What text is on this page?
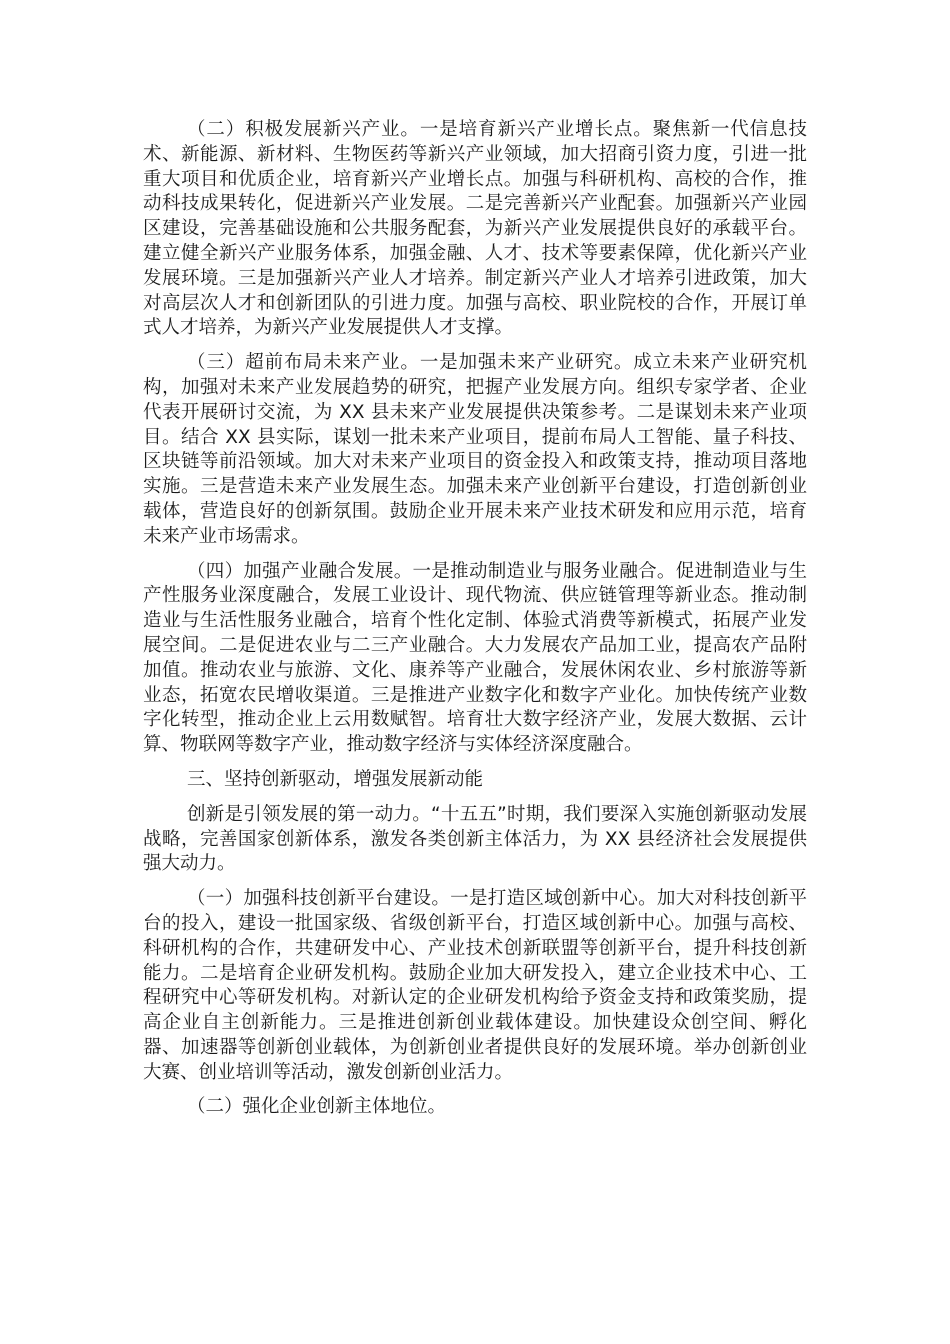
（二）积极发展新兴产业。一是培育新兴产业增长点。聚焦新一代信息技术、新能源、新材料、生物医药等新兴产业领域，加大招商引资力度，引进一批重大项目和优质企业，培育新兴产业增长点。加强与科研机构、高校的合作，推动科技成果转化，促进新兴产业发展。二是完善新兴产业配套。加强新兴产业园区建设，完善基础设施和公共服务配套，为新兴产业发展提供良好的承载平台。建立健全新兴产业服务体系，加强金融、人才、技术等要素保障，优化新兴产业发展环境。三是加强新兴产业人才培养。制定新兴产业人才培养引进政策，加大对高层次人才和创新团队的引进力度。加强与高校、职业院校的合作，开展订单式人才培养，为新兴产业发展提供人才支撑。

（三）超前布局未来产业。一是加强未来产业研究。成立未来产业研究机构，加强对未来产业发展趋势的研究，把握产业发展方向。组织专家学者、企业代表开展研讨交流，为 XX 县未来产业发展提供决策参考。二是谋划未来产业项目。结合 XX 县实际，谋划一批未来产业项目，提前布局人工智能、量子科技、区块链等前沿领域。加大对未来产业项目的资金投入和政策支持，推动项目落地实施。三是营造未来产业发展生态。加强未来产业创新平台建设，打造创新创业载体，营造良好的创新氛围。鼓励企业开展未来产业技术研发和应用示范，培育未来产业市场需求。

（四）加强产业融合发展。一是推动制造业与服务业融合。促进制造业与生产性服务业深度融合，发展工业设计、现代物流、供应链管理等新业态。推动制造业与生活性服务业融合，培育个性化定制、体验式消费等新模式，拓展产业发展空间。二是促进农业与二三产业融合。大力发展农产品加工业，提高农产品附加值。推动农业与旅游、文化、康养等产业融合，发展休闲农业、乡村旅游等新业态，拓宽农民增收渠道。三是推进产业数字化和数字产业化。加快传统产业数字化转型，推动企业上云用数赋智。培育壮大数字经济产业，发展大数据、云计算、物联网等数字产业，推动数字经济与实体经济深度融合。

三、坚持创新驱动，增强发展新动能

创新是引领发展的第一动力。“十五五”时期，我们要深入实施创新驱动发展战略，完善国家创新体系，激发各类创新主体活力，为 XX 县经济社会发展提供强大动力。

（一）加强科技创新平台建设。一是打造区域创新中心。加大对科技创新平台的投入，建设一批国家级、省级创新平台，打造区域创新中心。加强与高校、科研机构的合作，共建研发中心、产业技术创新联盟等创新平台，提升科技创新能力。二是培育企业研发机构。鼓励企业加大研发投入，建立企业技术中心、工程研究中心等研发机构。对新认定的企业研发机构给予资金支持和政策奖励，提高企业自主创新能力。三是推进创新创业载体建设。加快建设众创空间、孵化器、加速器等创新创业载体，为创新创业者提供良好的发展环境。举办创新创业大赛、创业培训等活动，激发创新创业活力。

（二）强化企业创新主体地位。
